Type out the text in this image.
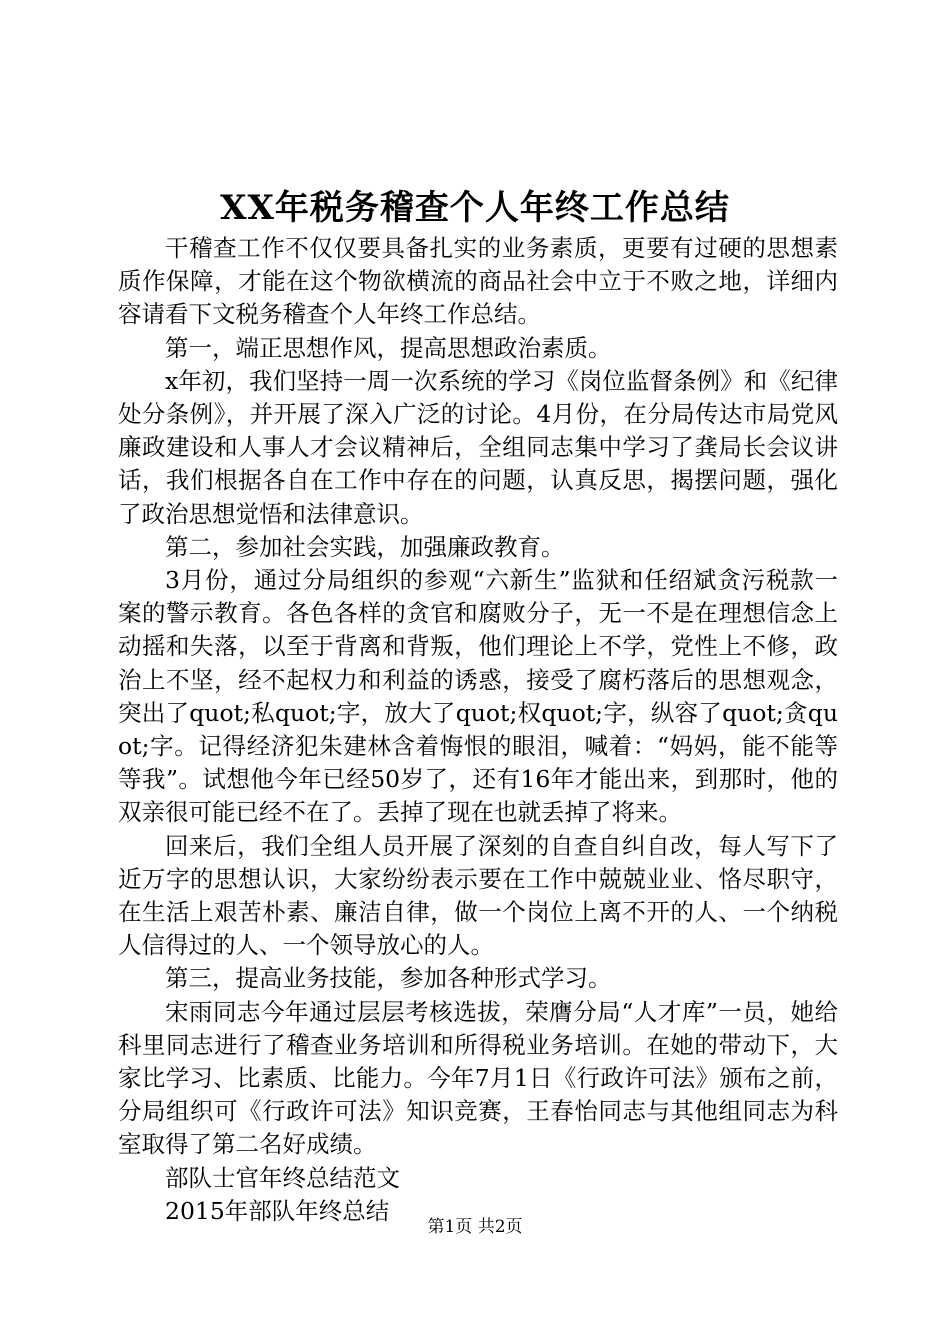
XX年税务稽查个人年终工作总结

干稽查工作不仅仅要具备扎实的业务素质，更要有过硬的思想素质作保障，才能在这个物欲横流的商品社会中立于不败之地，详细内容请看下文税务稽查个人年终工作总结。

第一，端正思想作风，提高思想政治素质。

x年初，我们坚持一周一次系统的学习《岗位监督条例》和《纪律处分条例》，并开展了深入广泛的讨论。4月份，在分局传达市局党风廉政建设和人事人才会议精神后，全组同志集中学习了龚局长会议讲话，我们根据各自在工作中存在的问题，认真反思，揭摆问题，强化了政治思想觉悟和法律意识。

第二，参加社会实践，加强廉政教育。

3月份，通过分局组织的参观“六新生”监狱和任绍斌贪污税款一案的警示教育。各色各样的贪官和腐败分子，无一不是在理想信念上动摇和失落，以至于背离和背叛，他们理论上不学，党性上不修，政治上不坚，经不起权力和利益的诱惑，接受了腐朽落后的思想观念，突出了quot;私quot;字，放大了quot;权quot;字，纵容了quot;贪quot;字。记得经济犯朱建林含着悔恨的眼泪，喊着：“妈妈，能不能等等我”。试想他今年已经50岁了，还有16年才能出来，到那时，他的双亲很可能已经不在了。丢掉了现在也就丢掉了将来。

回来后，我们全组人员开展了深刻的自查自纠自改，每人写下了近万字的思想认识，大家纷纷表示要在工作中兢兢业业、恪尽职守，在生活上艰苦朴素、廉洁自律，做一个岗位上离不开的人、一个纳税人信得过的人、一个领导放心的人。

第三，提高业务技能，参加各种形式学习。

宋雨同志今年通过层层考核选拔，荣膺分局“人才库”一员，她给科里同志进行了稽查业务培训和所得税业务培训。在她的带动下，大家比学习、比素质、比能力。今年7月1日《行政许可法》颁布之前，分局组织可《行政许可法》知识竞赛，王春怡同志与其他组同志为科室取得了第二名好成绩。

部队士官年终总结范文

2015年部队年终总结

第1页 共2页
